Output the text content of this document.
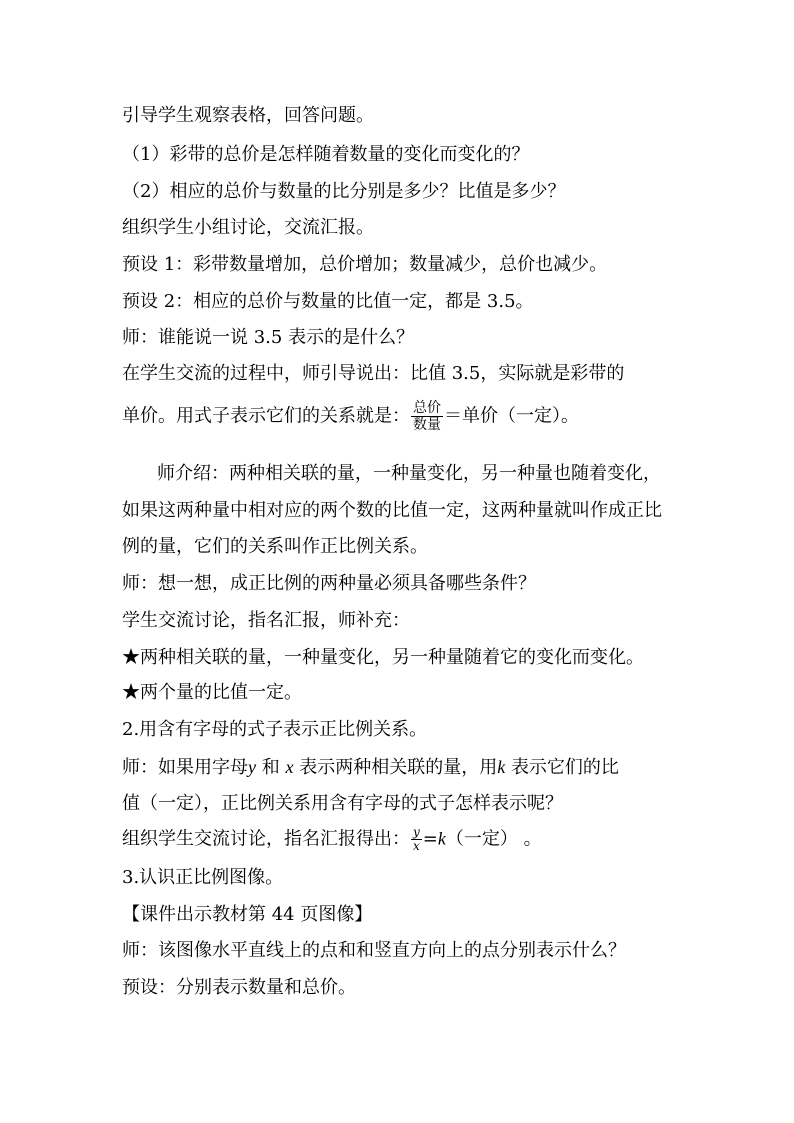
引导学生观察表格，回答问题。
（1）彩带的总价是怎样随着数量的变化而变化的？
（2）相应的总价与数量的比分别是多少？比值是多少？
组织学生小组讨论，交流汇报。
预设 1：彩带数量增加，总价增加；数量减少，总价也减少。
预设 2：相应的总价与数量的比值一定，都是 3.5。
师：谁能说一说 3.5 表示的是什么？
在学生交流的过程中，师引导说出：比值 3.5，实际就是彩带的
单价。用式子表示它们的关系就是： $\frac{\text{总价}}{\text{数量}}$ ＝单价（一定）。
师介绍：两种相关联的量，一种量变化，另一种量也随着变化，
如果这两种量中相对应的两个数的比值一定，这两种量就叫作成正比
例的量，它们的关系叫作正比例关系。
师：想一想，成正比例的两种量必须具备哪些条件？
学生交流讨论，指名汇报，师补充：
★两种相关联的量，一种量变化，另一种量随着它的变化而变化。
★两个量的比值一定。
2.用含有字母的式子表示正比例关系。
师：如果用字母y 和 x 表示两种相关联的量，用k 表示它们的比
值（一定），正比例关系用含有字母的式子怎样表示呢？
组织学生交流讨论，指名汇报得出： $\frac{y}{x} =k$（一定） 。
3.认识正比例图像。
【课件出示教材第 44 页图像】
师：该图像水平直线上的点和和竖直方向上的点分别表示什么？
预设：分别表示数量和总价。
